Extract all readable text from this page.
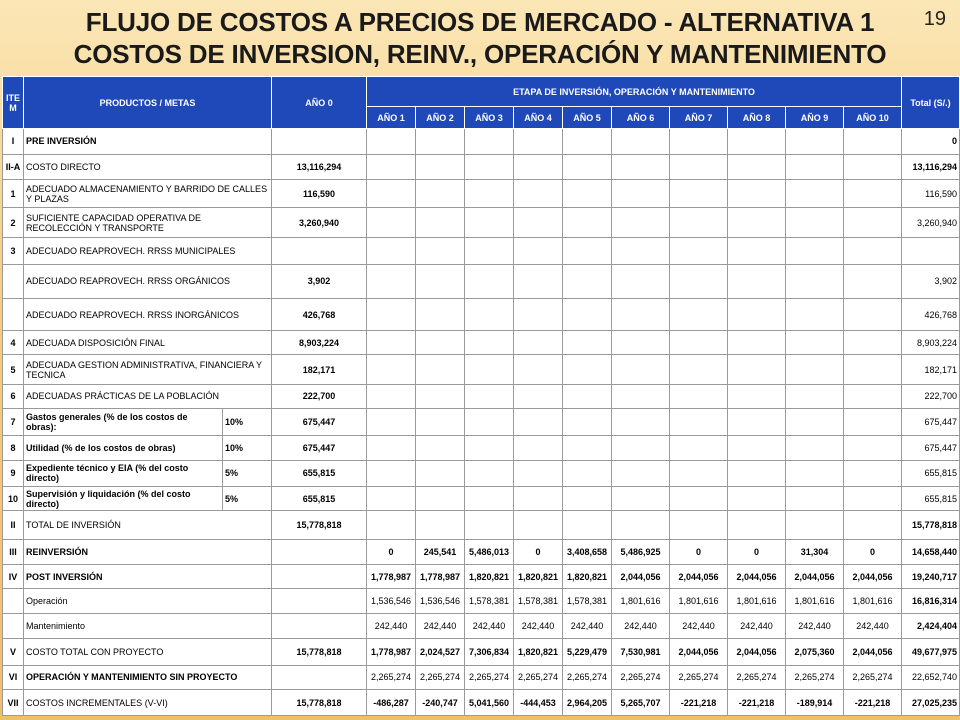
FLUJO DE COSTOS A PRECIOS DE MERCADO - ALTERNATIVA 1
COSTOS DE INVERSION, REINV., OPERACIÓN Y MANTENIMIENTO
19
ITE M	PRODUCTOS / METAS		AÑO 0	ETAPA DE INVERSIÓN, OPERACIÓN Y MANTENIMIENTO										Total (S/.)
				AÑO 1	AÑO 2	AÑO 3	AÑO 4	AÑO 5	AÑO 6	AÑO 7	AÑO 8	AÑO 9	AÑO 10	
I	PRE INVERSIÓN													0
II-A	COSTO DIRECTO		13,116,294											13,116,294
1	ADECUADO ALMACENAMIENTO Y BARRIDO DE CALLES Y PLAZAS		116,590											116,590
2	SUFICIENTE CAPACIDAD OPERATIVA DE RECOLECCIÓN Y TRANSPORTE		3,260,940											3,260,940
3	ADECUADO REAPROVECH. RRSS MUNICIPALES													
	ADECUADO REAPROVECH. RRSS ORGÁNICOS		3,902											3,902
	ADECUADO REAPROVECH. RRSS INORGÁNICOS		426,768											426,768
4	ADECUADA DISPOSICIÓN FINAL		8,903,224											8,903,224
5	ADECUADA GESTION ADMINISTRATIVA, FINANCIERA Y TECNICA		182,171											182,171
6	ADECUADAS PRÁCTICAS DE LA POBLACIÓN		222,700											222,700
7	Gastos generales (% de los costos de obras):	10%	675,447											675,447
8	Utilidad (% de los costos de obras)	10%	675,447											675,447
9	Expediente técnico y EIA (% del costo directo)	5%	655,815											655,815
10	Supervisión y liquidación (% del costo directo)	5%	655,815											655,815
II	TOTAL DE INVERSIÓN		15,778,818											15,778,818
III	REINVERSIÓN			0	245,541	5,486,013	0	3,408,658	5,486,925	0	0	31,304	0	14,658,440
IV	POST INVERSIÓN			1,778,987	1,778,987	1,820,821	1,820,821	1,820,821	2,044,056	2,044,056	2,044,056	2,044,056	2,044,056	19,240,717
	Operación			1,536,546	1,536,546	1,578,381	1,578,381	1,578,381	1,801,616	1,801,616	1,801,616	1,801,616	1,801,616	16,816,314
	Mantenimiento			242,440	242,440	242,440	242,440	242,440	242,440	242,440	242,440	242,440	242,440	2,424,404
V	COSTO TOTAL CON PROYECTO		15,778,818	1,778,987	2,024,527	7,306,834	1,820,821	5,229,479	7,530,981	2,044,056	2,044,056	2,075,360	2,044,056	49,677,975
VI	OPERACIÓN Y MANTENIMIENTO SIN PROYECTO			2,265,274	2,265,274	2,265,274	2,265,274	2,265,274	2,265,274	2,265,274	2,265,274	2,265,274	2,265,274	22,652,740
VII	COSTOS INCREMENTALES (V-VI)		15,778,818	-486,287	-240,747	5,041,560	-444,453	2,964,205	5,265,707	-221,218	-221,218	-189,914	-221,218	27,025,235
